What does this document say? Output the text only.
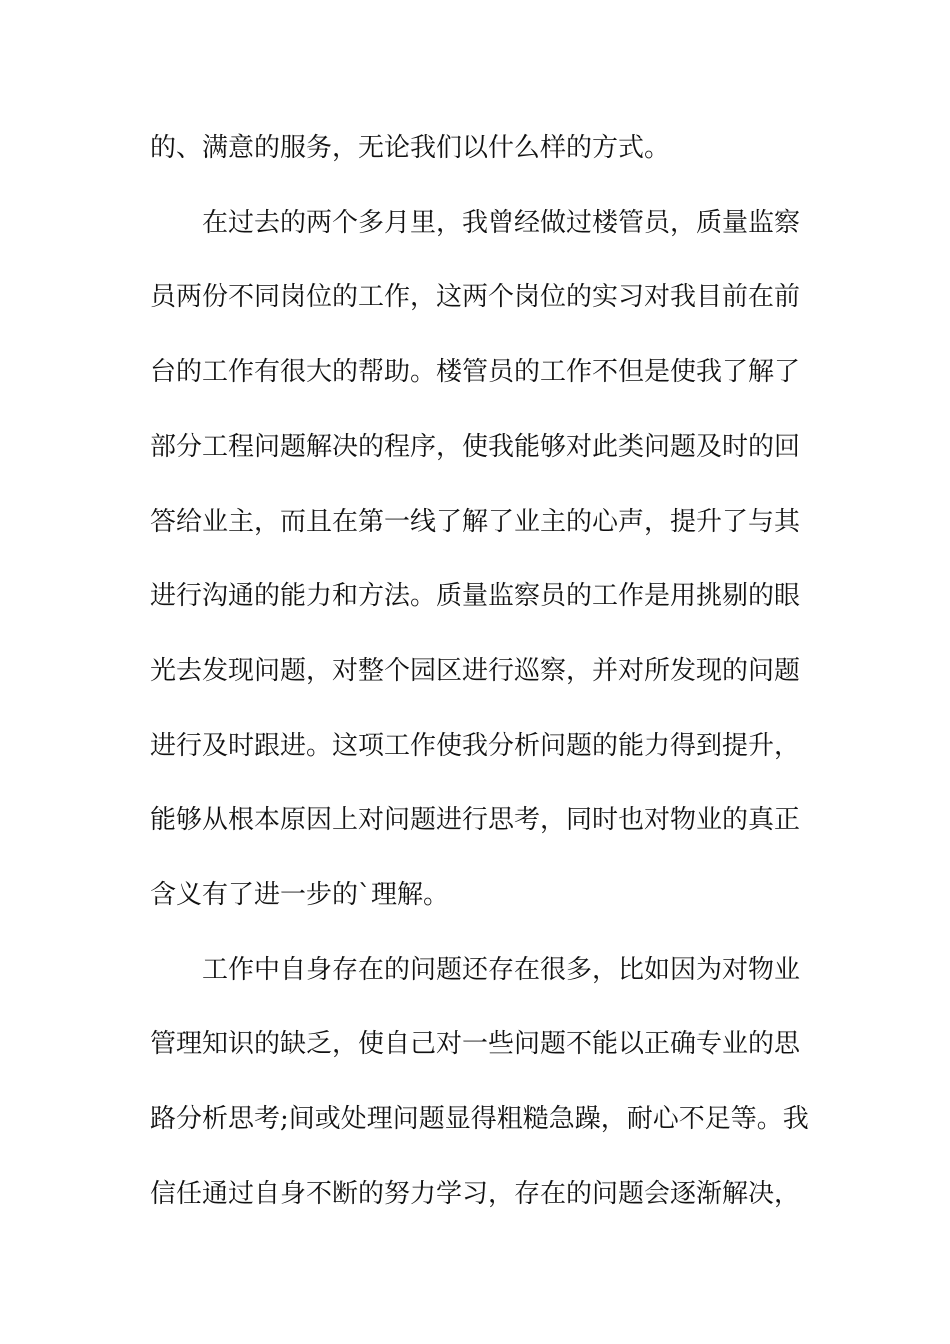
的、满意的服务，无论我们以什么样的方式。
在过去的两个多月里，我曾经做过楼管员，质量监察
员两份不同岗位的工作，这两个岗位的实习对我目前在前
台的工作有很大的帮助。楼管员的工作不但是使我了解了
部分工程问题解决的程序，使我能够对此类问题及时的回
答给业主，而且在第一线了解了业主的心声，提升了与其
进行沟通的能力和方法。质量监察员的工作是用挑剔的眼
光去发现问题，对整个园区进行巡察，并对所发现的问题
进行及时跟进。这项工作使我分析问题的能力得到提升，
能够从根本原因上对问题进行思考，同时也对物业的真正
含义有了进一步的`理解。
工作中自身存在的问题还存在很多，比如因为对物业
管理知识的缺乏，使自己对一些问题不能以正确专业的思
路分析思考;间或处理问题显得粗糙急躁，耐心不足等。我
信任通过自身不断的努力学习，存在的问题会逐渐解决，
